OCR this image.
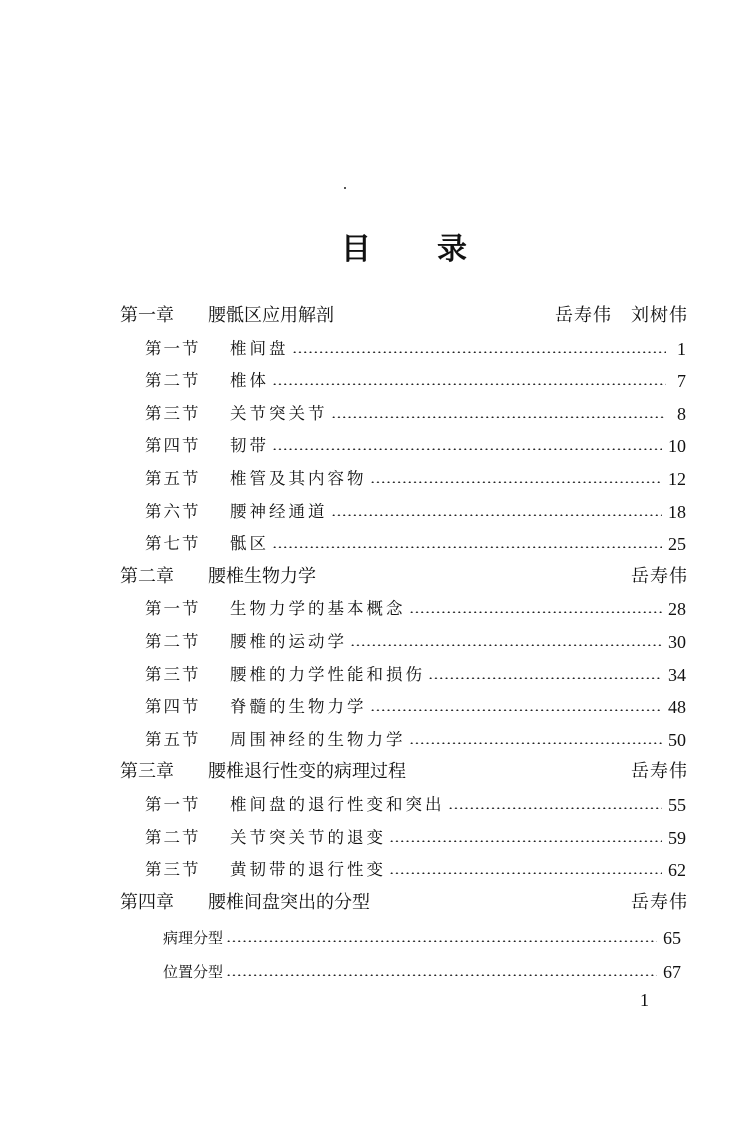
目 录
第一章	腰骶区应用解剖	岳寿伟　刘树伟
第一节	椎间盘	1
第二节	椎体	7
第三节	关节突关节	8
第四节	韧带	10
第五节	椎管及其内容物	12
第六节	腰神经通道	18
第七节	骶区	25
第二章	腰椎生物力学	岳寿伟
第一节	生物力学的基本概念	28
第二节	腰椎的运动学	30
第三节	腰椎的力学性能和损伤	34
第四节	脊髓的生物力学	48
第五节	周围神经的生物力学	50
第三章	腰椎退行性变的病理过程	岳寿伟
第一节	椎间盘的退行性变和突出	55
第二节	关节突关节的退变	59
第三节	黄韧带的退行性变	62
第四章	腰椎间盘突出的分型	岳寿伟
病理分型	65
位置分型	67
1
